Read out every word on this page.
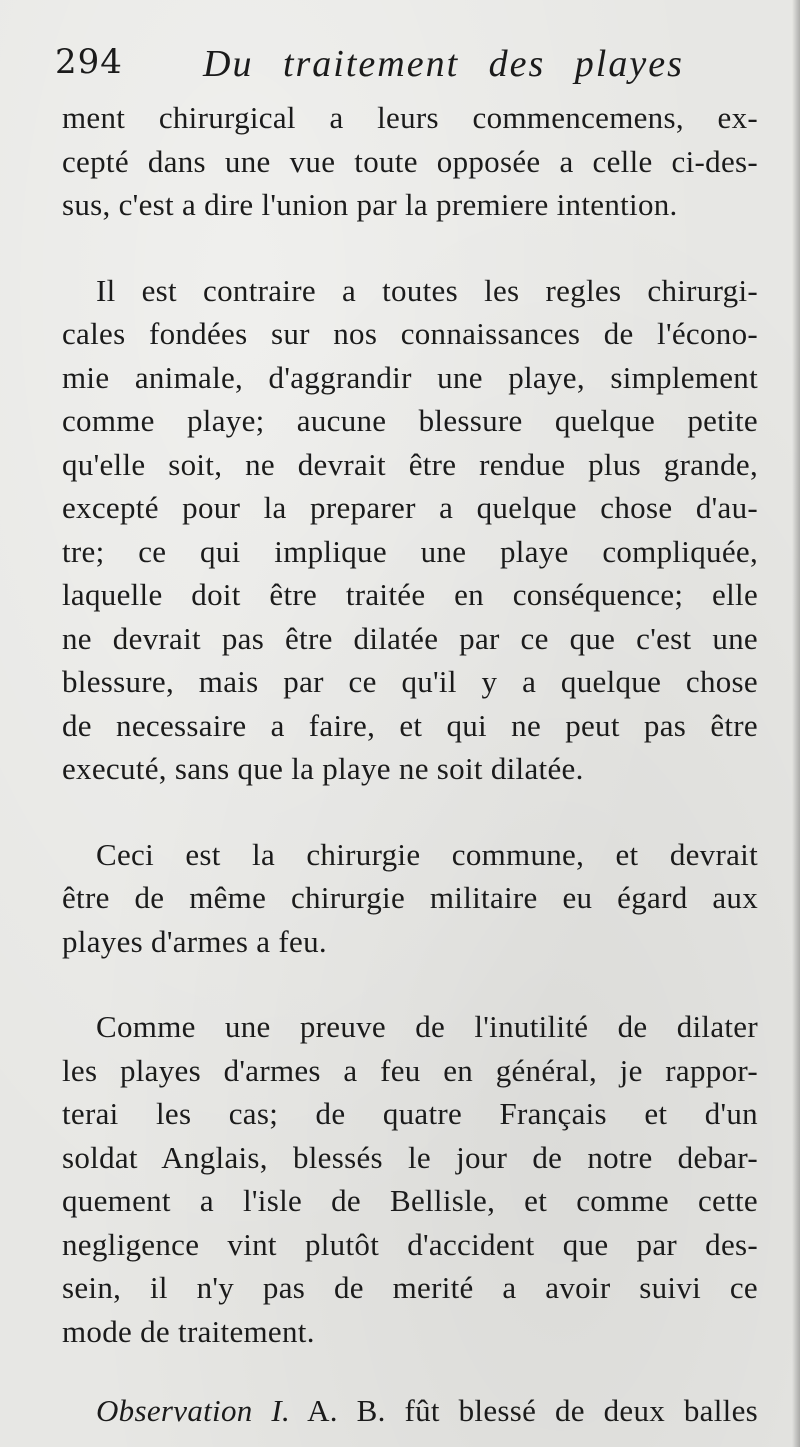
294 Du traitement des playes
ment chirurgical a leurs commencemens, ex-
cepté dans une vue toute opposée a celle ci-des-
sus, c'est a dire l'union par la premiere intention.
Il est contraire a toutes les regles chirurgi-
cales fondées sur nos connaissances de l'écono-
mie animale, d'aggrandir une playe, simplement
comme playe; aucune blessure quelque petite
qu'elle soit, ne devrait être rendue plus grande,
excepté pour la preparer a quelque chose d'au-
tre; ce qui implique une playe compliquée,
laquelle doit être traitée en conséquence; elle
ne devrait pas être dilatée par ce que c'est une
blessure, mais par ce qu'il y a quelque chose
de necessaire a faire, et qui ne peut pas être
executé, sans que la playe ne soit dilatée.
Ceci est la chirurgie commune, et devrait
être de même chirurgie militaire eu égard aux
playes d'armes a feu.
Comme une preuve de l'inutilité de dilater
les playes d'armes a feu en général, je rappor-
terai les cas; de quatre Français et d'un
soldat Anglais, blessés le jour de notre debar-
quement a l'isle de Bellisle, et comme cette
negligence vint plutôt d'accident que par des-
sein, il n'y pas de merité a avoir suivi ce
mode de traitement.
Observation I. A. B. fût blessé de deux balles
